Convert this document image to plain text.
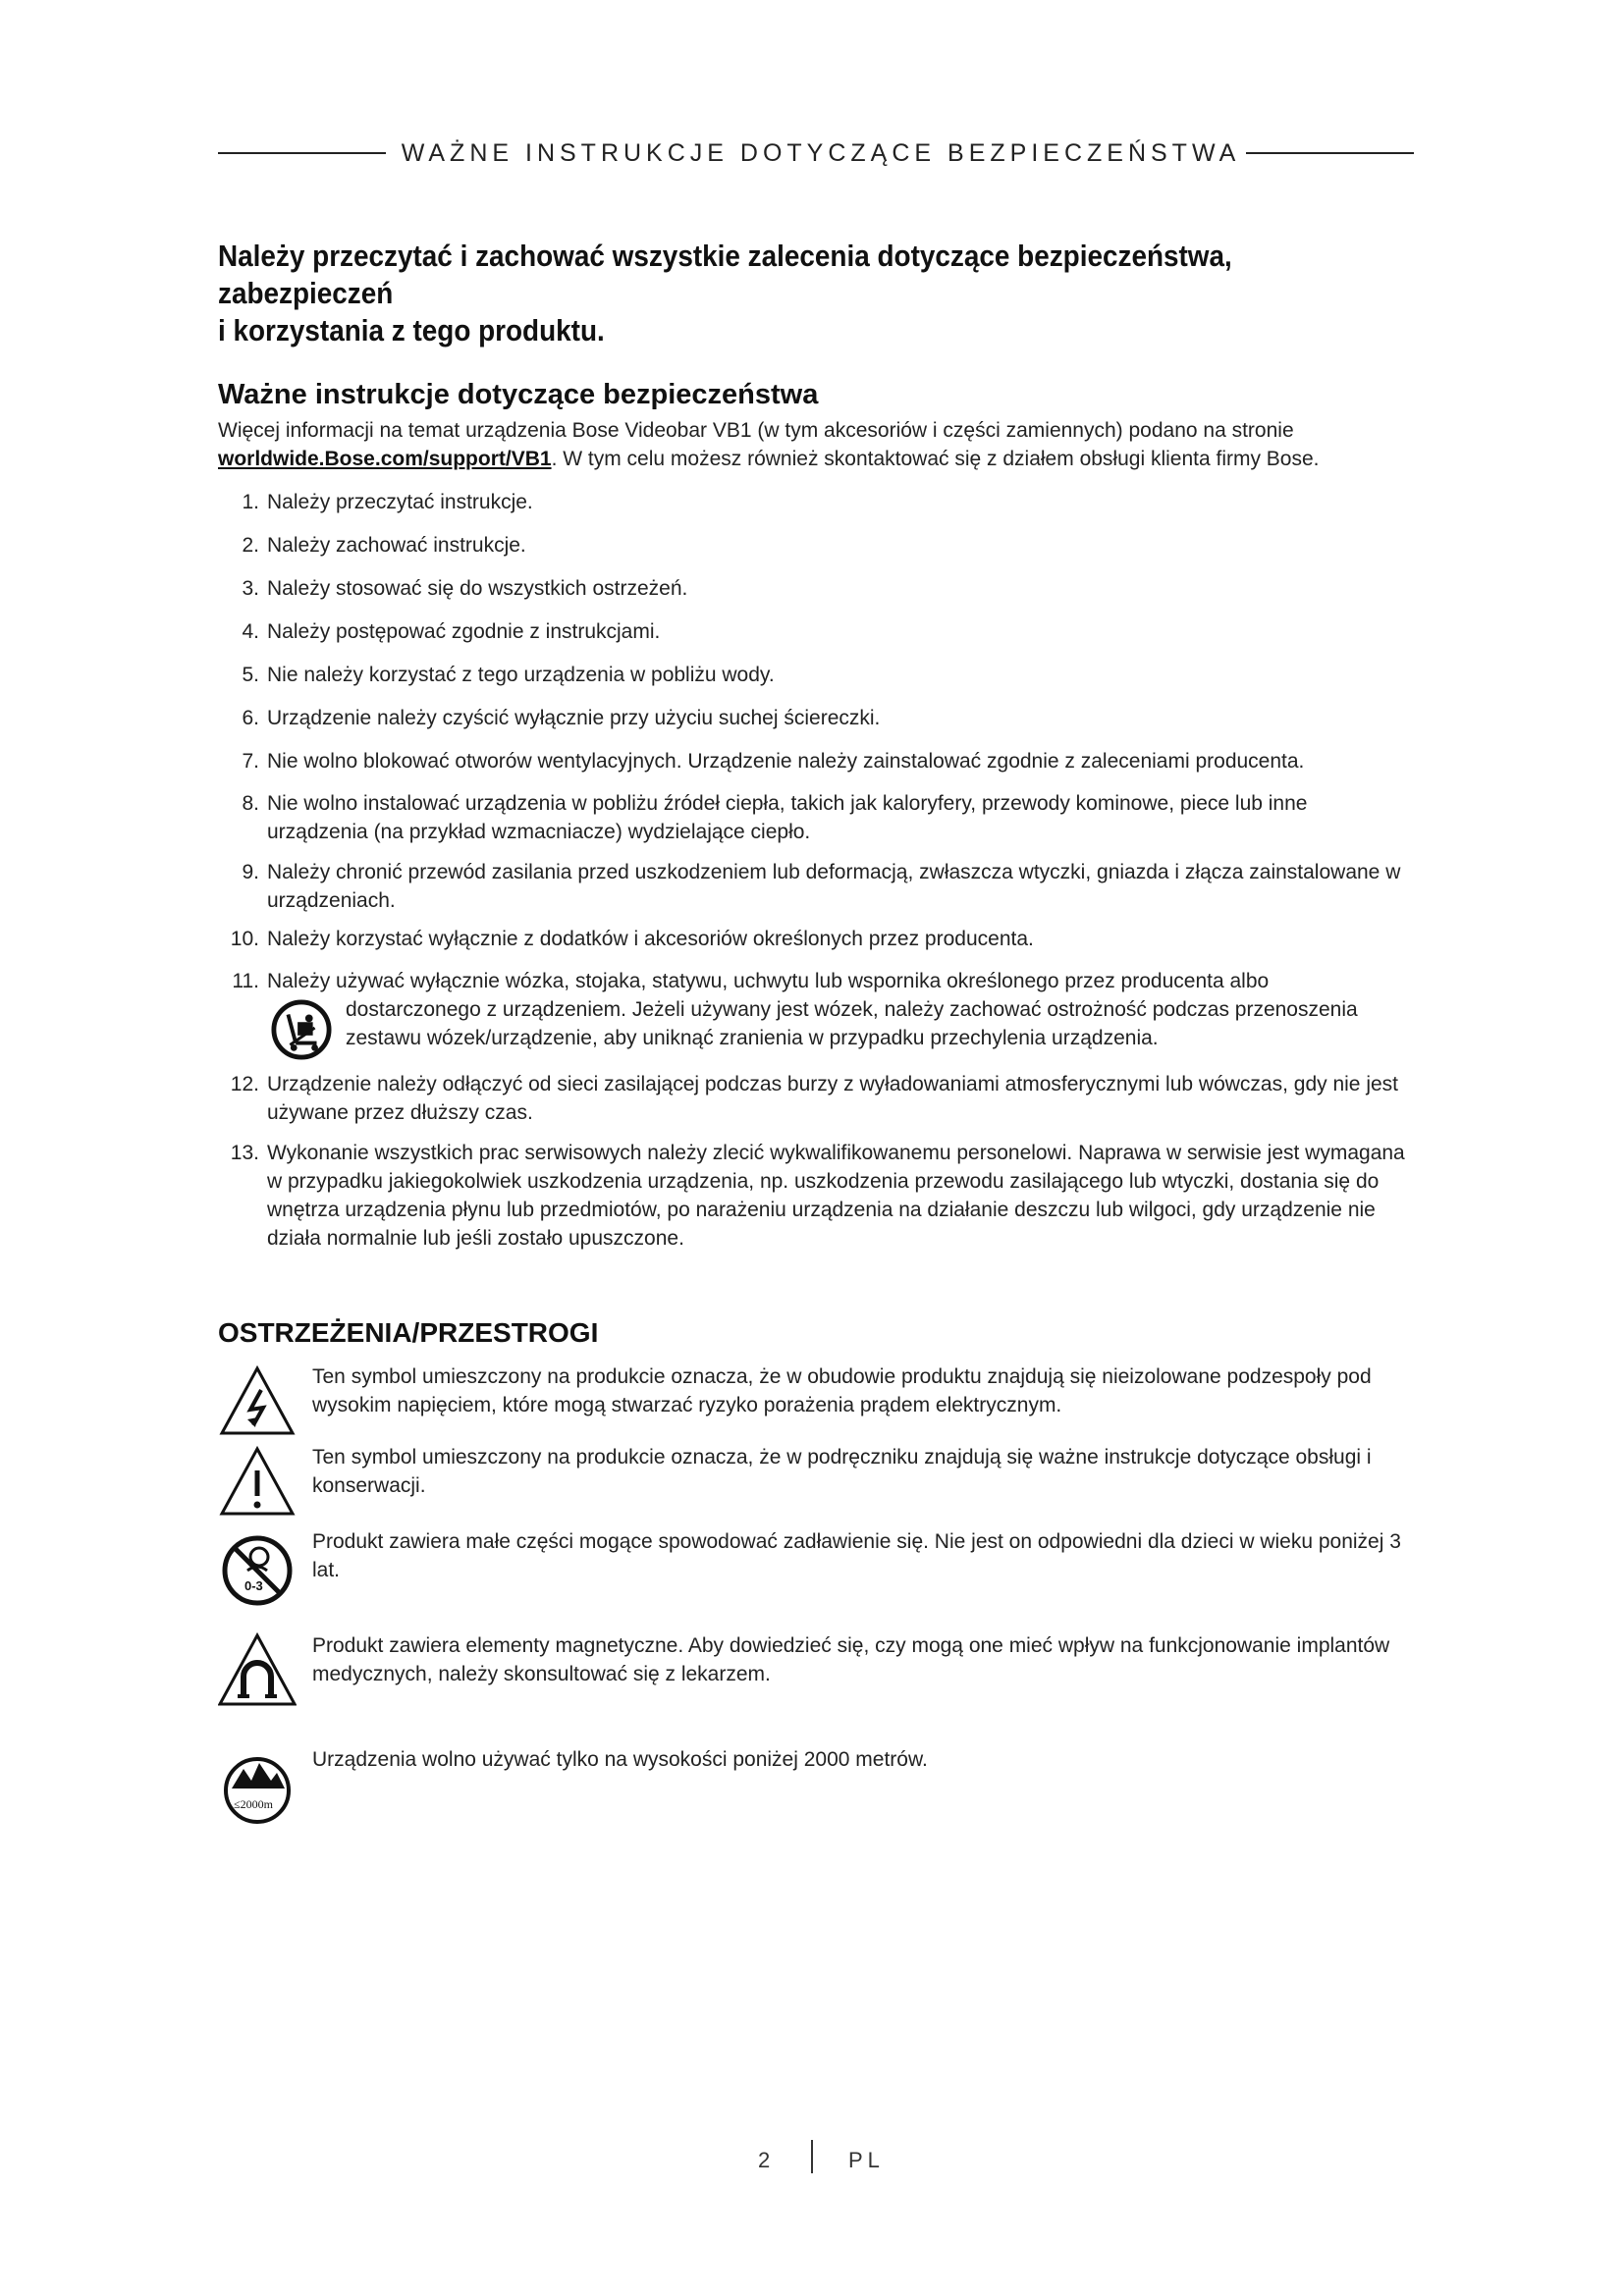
WAŻNE INSTRUKCJE DOTYCZĄCE BEZPIECZEŃSTWA
Należy przeczytać i zachować wszystkie zalecenia dotyczące bezpieczeństwa, zabezpieczeń
i korzystania z tego produktu.
Ważne instrukcje dotyczące bezpieczeństwa
Więcej informacji na temat urządzenia Bose Videobar VB1 (w tym akcesoriów i części zamiennych) podano na stronie
worldwide.Bose.com/support/VB1. W tym celu możesz również skontaktować się z działem obsługi klienta firmy Bose.
1. Należy przeczytać instrukcje.
2. Należy zachować instrukcje.
3. Należy stosować się do wszystkich ostrzeżeń.
4. Należy postępować zgodnie z instrukcjami.
5. Nie należy korzystać z tego urządzenia w pobliżu wody.
6. Urządzenie należy czyścić wyłącznie przy użyciu suchej ściereczki.
7. Nie wolno blokować otworów wentylacyjnych. Urządzenie należy zainstalować zgodnie z zaleceniami producenta.
8. Nie wolno instalować urządzenia w pobliżu źródeł ciepła, takich jak kaloryfery, przewody kominowe, piece lub inne urządzenia (na przykład wzmacniacze) wydzielające ciepło.
9. Należy chronić przewód zasilania przed uszkodzeniem lub deformacją, zwłaszcza wtyczki, gniazda i złącza zainstalowane w urządzeniach.
10. Należy korzystać wyłącznie z dodatków i akcesoriów określonych przez producenta.
11. Należy używać wyłącznie wózka, stojaka, statywu, uchwytu lub wspornika określonego przez producenta albo
dostarczonego z urządzeniem. Jeżeli używany jest wózek, należy zachować ostrożność podczas przenoszenia zestawu wózek/urządzenie, aby uniknąć zranienia w przypadku przechylenia urządzenia.
12. Urządzenie należy odłączyć od sieci zasilającej podczas burzy z wyładowaniami atmosferycznymi lub wówczas, gdy nie jest używane przez dłuższy czas.
13. Wykonanie wszystkich prac serwisowych należy zlecić wykwalifikowanemu personelowi. Naprawa w serwisie jest wymagana w przypadku jakiegokolwiek uszkodzenia urządzenia, np. uszkodzenia przewodu zasilającego lub wtyczki, dostania się do wnętrza urządzenia płynu lub przedmiotów, po narażeniu urządzenia na działanie deszczu lub wilgoci, gdy urządzenie nie działa normalnie lub jeśli zostało upuszczone.
OSTRZEŻENIA/PRZESTROGI
Ten symbol umieszczony na produkcie oznacza, że w obudowie produktu znajdują się nieizolowane podzespoły pod wysokim napięciem, które mogą stwarzać ryzyko porażenia prądem elektrycznym.
Ten symbol umieszczony na produkcie oznacza, że w podręczniku znajdują się ważne instrukcje dotyczące obsługi i konserwacji.
0-3
Produkt zawiera małe części mogące spowodować zadławienie się. Nie jest on odpowiedni dla dzieci w wieku poniżej 3 lat.
Produkt zawiera elementy magnetyczne. Aby dowiedzieć się, czy mogą one mieć wpływ na funkcjonowanie implantów medycznych, należy skonsultować się z lekarzem.
≤2000m
Urządzenia wolno używać tylko na wysokości poniżej 2000 metrów.
2	PL
